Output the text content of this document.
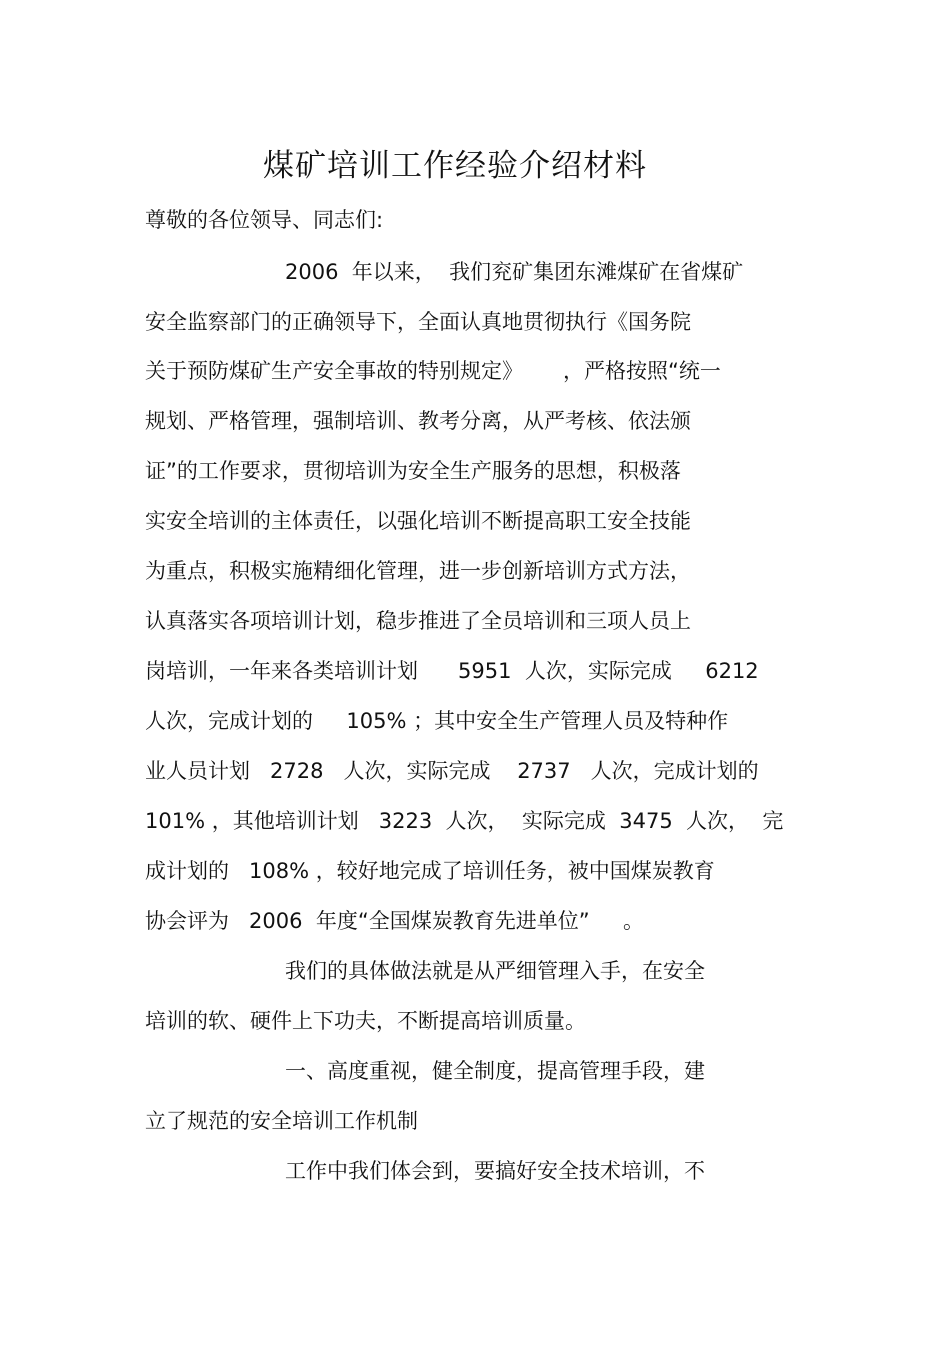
煤矿培训工作经验介绍材料
尊敬的各位领导、同志们:
2006  年以来，  我们兖矿集团东滩煤矿在省煤矿
安全监察部门的正确领导下，全面认真地贯彻执行《国务院
关于预防煤矿生产安全事故的特别规定》      ，严格按照“统一
规划、严格管理，强制培训、教考分离，从严考核、依法颁
证”的工作要求，贯彻培训为安全生产服务的思想，积极落
实安全培训的主体责任，以强化培训不断提高职工安全技能
为重点，积极实施精细化管理，进一步创新培训方式方法，
认真落实各项培训计划，稳步推进了全员培训和三项人员上
岗培训，一年来各类培训计划      5951  人次，实际完成     6212
人次，完成计划的     105% ；其中安全生产管理人员及特种作
业人员计划   2728   人次，实际完成    2737   人次，完成计划的
101% ，其他培训计划   3223  人次，  实际完成  3475  人次，  完
成计划的   108% ，较好地完成了培训任务，被中国煤炭教育
协会评为   2006  年度“全国煤炭教育先进单位”     。
我们的具体做法就是从严细管理入手，在安全
培训的软、硬件上下功夫，不断提高培训质量。
一、高度重视，健全制度，提高管理手段，建
立了规范的安全培训工作机制
工作中我们体会到，要搞好安全技术培训，不
